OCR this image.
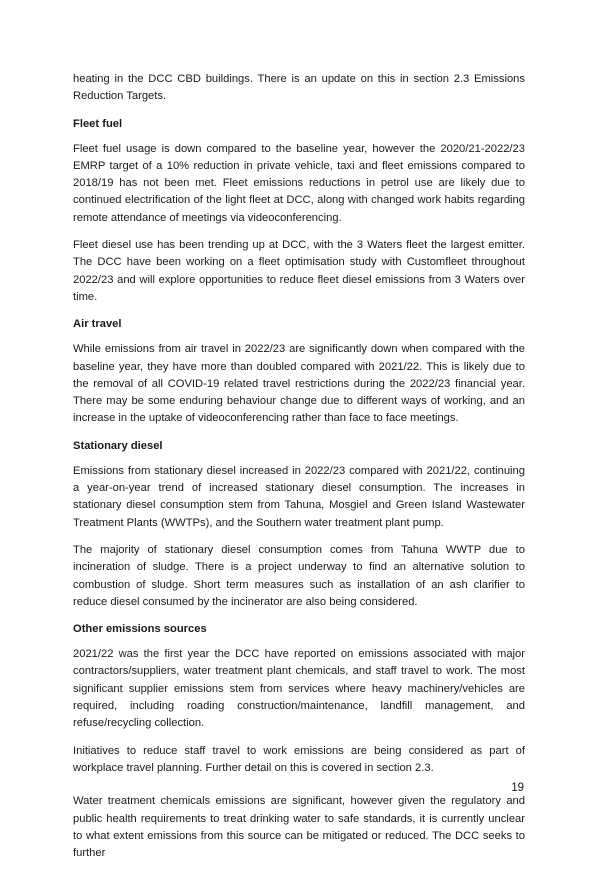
heating in the DCC CBD buildings. There is an update on this in section 2.3 Emissions Reduction Targets.

Fleet fuel

Fleet fuel usage is down compared to the baseline year, however the 2020/21-2022/23 EMRP target of a 10% reduction in private vehicle, taxi and fleet emissions compared to 2018/19 has not been met. Fleet emissions reductions in petrol use are likely due to continued electrification of the light fleet at DCC, along with changed work habits regarding remote attendance of meetings via videoconferencing.

Fleet diesel use has been trending up at DCC, with the 3 Waters fleet the largest emitter. The DCC have been working on a fleet optimisation study with Customfleet throughout 2022/23 and will explore opportunities to reduce fleet diesel emissions from 3 Waters over time.

Air travel

While emissions from air travel in 2022/23 are significantly down when compared with the baseline year, they have more than doubled compared with 2021/22. This is likely due to the removal of all COVID-19 related travel restrictions during the 2022/23 financial year. There may be some enduring behaviour change due to different ways of working, and an increase in the uptake of videoconferencing rather than face to face meetings.

Stationary diesel

Emissions from stationary diesel increased in 2022/23 compared with 2021/22, continuing a year-on-year trend of increased stationary diesel consumption. The increases in stationary diesel consumption stem from Tahuna, Mosgiel and Green Island Wastewater Treatment Plants (WWTPs), and the Southern water treatment plant pump.

The majority of stationary diesel consumption comes from Tahuna WWTP due to incineration of sludge. There is a project underway to find an alternative solution to combustion of sludge. Short term measures such as installation of an ash clarifier to reduce diesel consumed by the incinerator are also being considered.

Other emissions sources

2021/22 was the first year the DCC have reported on emissions associated with major contractors/suppliers, water treatment plant chemicals, and staff travel to work. The most significant supplier emissions stem from services where heavy machinery/vehicles are required, including roading construction/maintenance, landfill management, and refuse/recycling collection.

Initiatives to reduce staff travel to work emissions are being considered as part of workplace travel planning. Further detail on this is covered in section 2.3.

Water treatment chemicals emissions are significant, however given the regulatory and public health requirements to treat drinking water to safe standards, it is currently unclear to what extent emissions from this source can be mitigated or reduced. The DCC seeks to further

19
